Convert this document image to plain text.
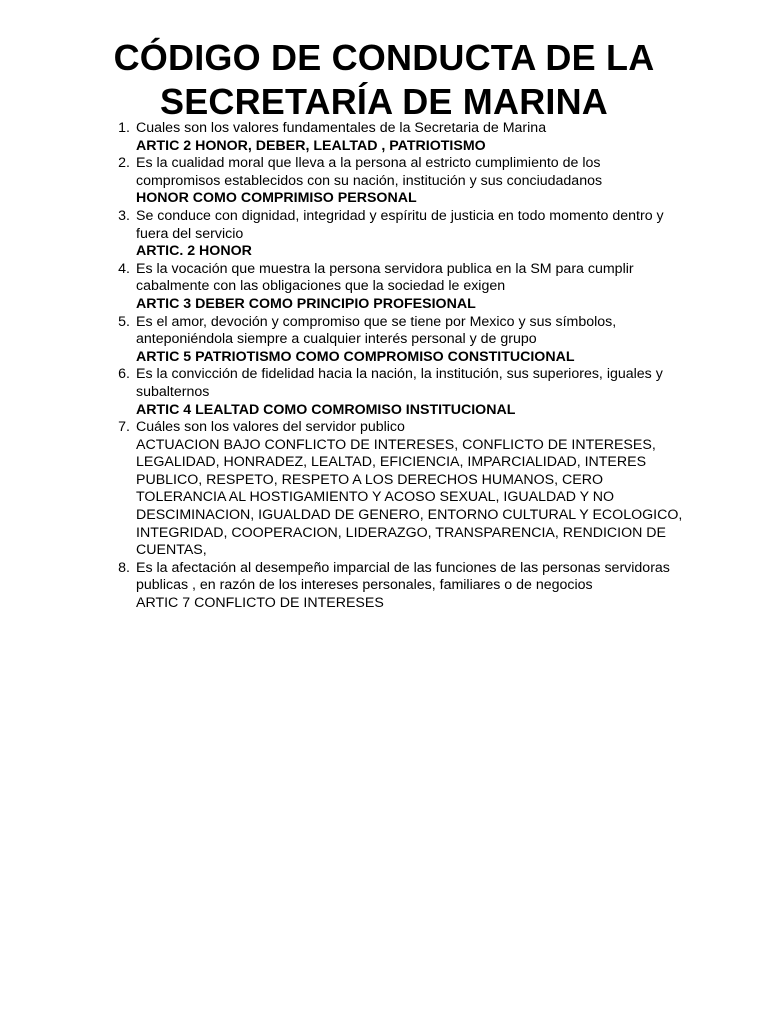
CÓDIGO DE CONDUCTA DE LA
SECRETARÍA DE MARINA
1. Cuales son los valores fundamentales de la Secretaria de Marina
ARTIC 2 HONOR, DEBER, LEALTAD , PATRIOTISMO
2. Es la cualidad moral que lleva a la persona al estricto cumplimiento de los compromisos establecidos con su nación, institución y sus conciudadanos
HONOR COMO COMPRIMISO PERSONAL
3. Se conduce con dignidad, integridad y espíritu de justicia en todo momento dentro y fuera del servicio
ARTIC. 2 HONOR
4. Es la vocación que muestra la persona servidora publica en la SM para cumplir cabalmente con las obligaciones que la sociedad le exigen
ARTIC 3 DEBER COMO PRINCIPIO PROFESIONAL
5. Es el amor, devoción y compromiso que se tiene por Mexico y sus símbolos, anteponiéndola siempre a cualquier interés personal y de grupo
ARTIC 5 PATRIOTISMO COMO COMPROMISO CONSTITUCIONAL
6. Es la convicción de fidelidad hacia la nación, la institución, sus superiores, iguales y subalternos
ARTIC 4 LEALTAD COMO COMROMISO INSTITUCIONAL
7. Cuáles son los valores del servidor publico
ACTUACION BAJO CONFLICTO DE INTERESES, CONFLICTO DE INTERESES, LEGALIDAD, HONRADEZ, LEALTAD, EFICIENCIA, IMPARCIALIDAD, INTERES PUBLICO, RESPETO, RESPETO A LOS DERECHOS HUMANOS, CERO TOLERANCIA AL HOSTIGAMIENTO Y ACOSO SEXUAL, IGUALDAD Y NO DESCIMINACION, IGUALDAD DE GENERO, ENTORNO CULTURAL Y ECOLOGICO, INTEGRIDAD, COOPERACION, LIDERAZGO, TRANSPARENCIA, RENDICION DE CUENTAS,
8. Es la afectación al desempeño imparcial de las funciones de las personas servidoras publicas , en razón de los intereses personales, familiares o de negocios
ARTIC 7 CONFLICTO DE INTERESES
